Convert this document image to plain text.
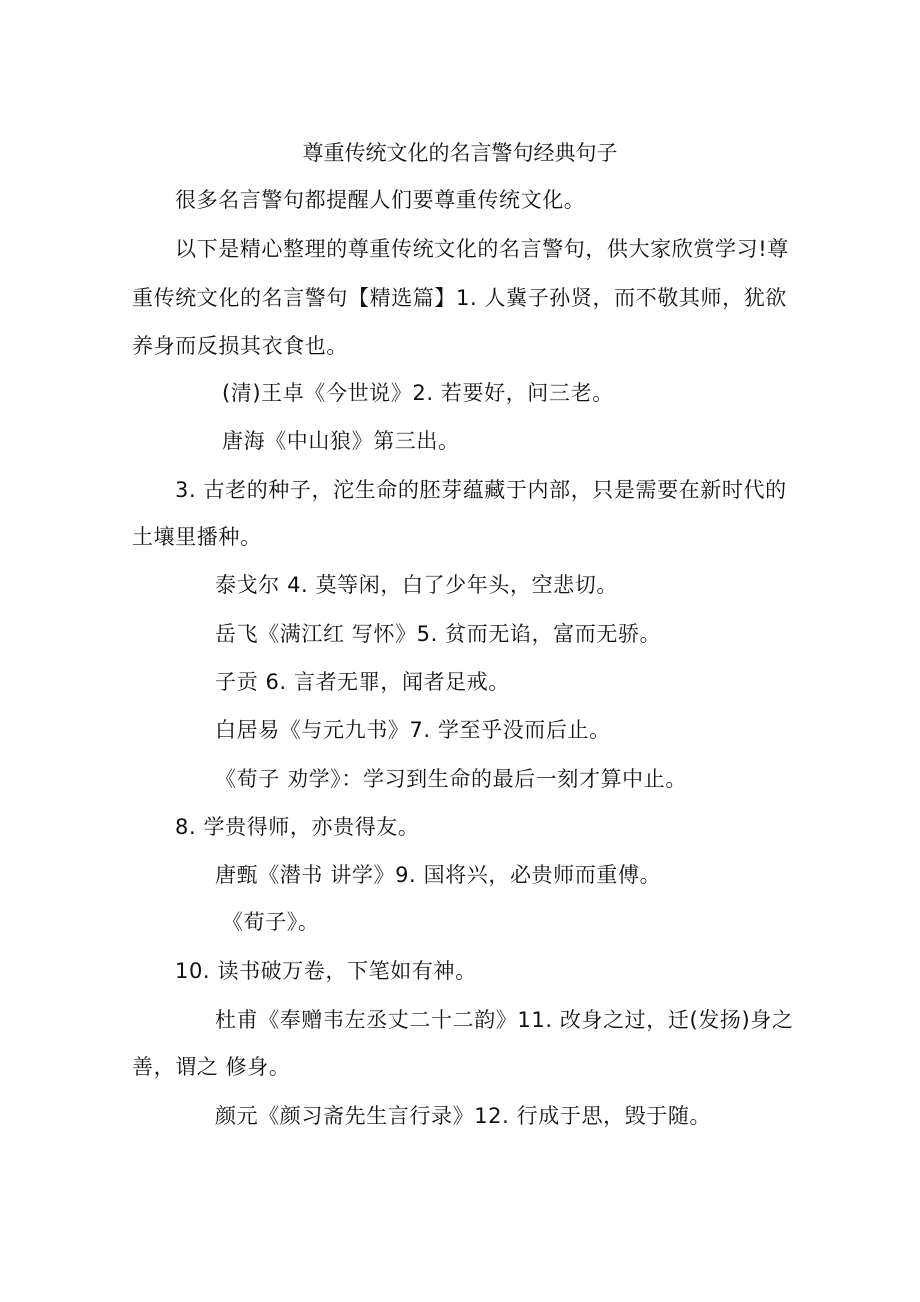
尊重传统文化的名言警句经典句子
很多名言警句都提醒人们要尊重传统文化。
以下是精心整理的尊重传统文化的名言警句，供大家欣赏学习!尊
重传统文化的名言警句【精选篇】1. 人冀子孙贤，而不敬其师，犹欲
养身而反损其衣食也。
(清)王卓《今世说》2. 若要好，问三老。
唐海《中山狼》第三出。
3. 古老的种子，沱生命的胚芽蕴藏于内部，只是需要在新时代的
土壤里播种。
泰戈尔 4. 莫等闲，白了少年头，空悲切。
岳飞《满江红 写怀》5. 贫而无谄，富而无骄。
子贡 6. 言者无罪，闻者足戒。
白居易《与元九书》7. 学至乎没而后止。
《荀子 劝学》：学习到生命的最后一刻才算中止。
8. 学贵得师，亦贵得友。
唐甄《潜书 讲学》9. 国将兴，必贵师而重傅。
《荀子》。
10. 读书破万卷，下笔如有神。
杜甫《奉赠韦左丞丈二十二韵》11. 改身之过，迁(发扬)身之
善，谓之 修身。
颜元《颜习斋先生言行录》12. 行成于思，毁于随。
